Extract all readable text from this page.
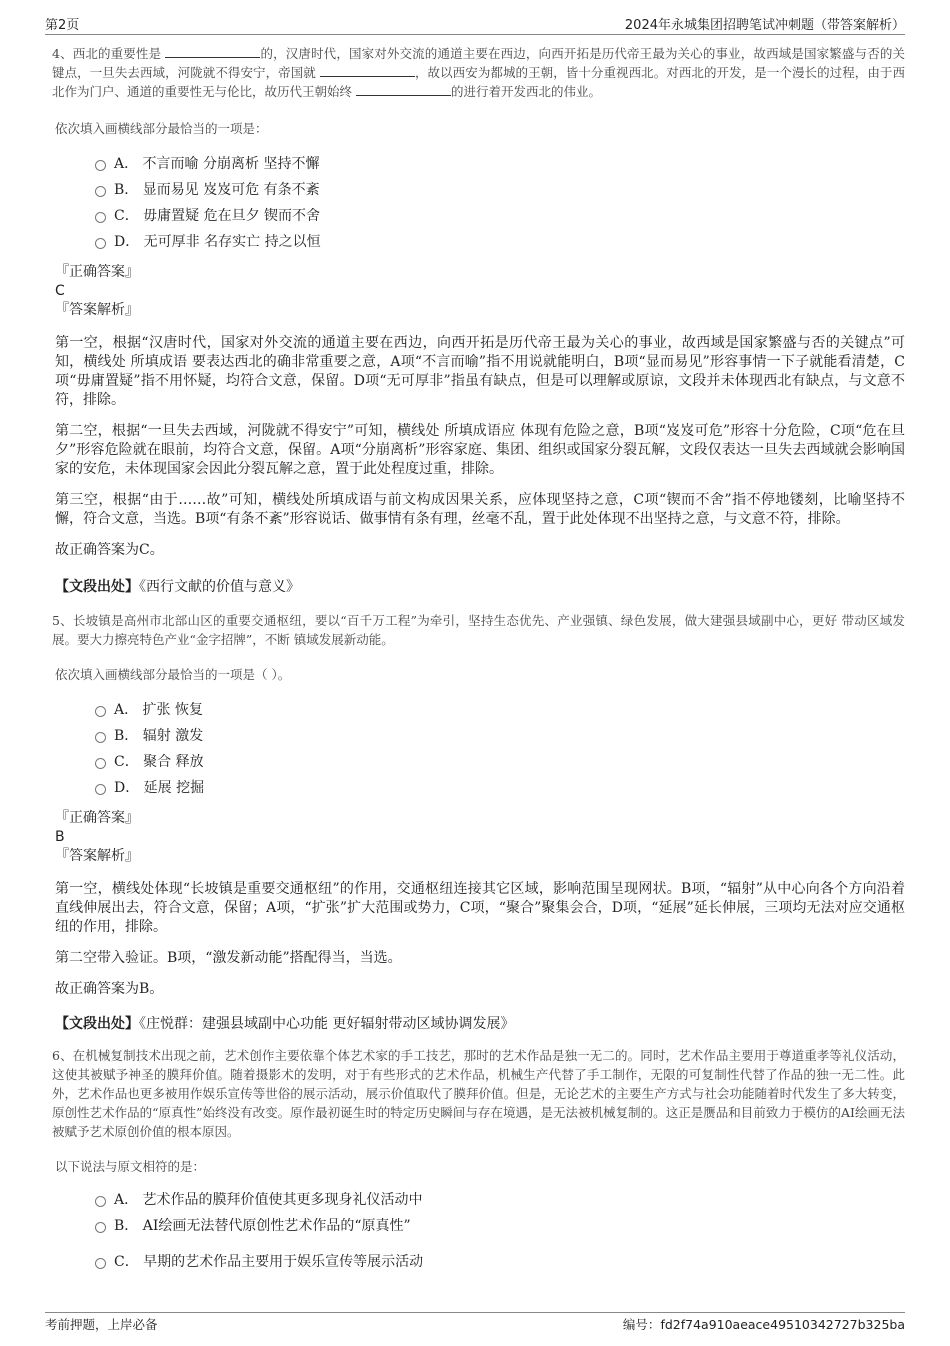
第2页	2024年永城集团招聘笔试冲刺题（带答案解析）

4、西北的重要性是	的，汉唐时代，国家对外交流的通道主要在西边，向西开拓是历代帝王最为关心的事业，故西域是国家繁盛与否的关键点，一旦失去西域，河陇就不得安宁，帝国就	，故以西安为都城的王朝，皆十分重视西北。对西北的开发，是一个漫长的过程，由于西北作为门户、通道的重要性无与伦比，故历代王朝始终	的进行着开发西北的伟业。

依次填入画横线部分最恰当的一项是：

A． 不言而喻 分崩离析 坚持不懈
B． 显而易见 岌岌可危 有条不紊
C． 毋庸置疑 危在旦夕 锲而不舍
D． 无可厚非 名存实亡 持之以恒

『正确答案』

C

『答案解析』

第一空，根据“汉唐时代，国家对外交流的通道主要在西边，向西开拓是历代帝王最为关心的事业，故西域是国家繁盛与否的关键点”可知，横线处 所填成语 要表达西北的确非常重要之意，A项“不言而喻”指不用说就能明白，B项“显而易见”形容事情一下子就能看清楚，C项“毋庸置疑”指不用怀疑，均符合文意，保留。D项“无可厚非”指虽有缺点，但是可以理解或原谅，文段并未体现西北有缺点，与文意不符，排除。

第二空，根据“一旦失去西域，河陇就不得安宁”可知，横线处 所填成语应 体现有危险之意，B项“岌岌可危”形容十分危险，C项“危在旦夕”形容危险就在眼前，均符合文意，保留。A项“分崩离析”形容家庭、集团、组织或国家分裂瓦解，文段仅表达一旦失去西域就会影响国家的安危，未体现国家会因此分裂瓦解之意，置于此处程度过重，排除。

第三空，根据“由于……故”可知，横线处所填成语与前文构成因果关系，应体现坚持之意，C项“锲而不舍”指不停地镂刻，比喻坚持不懈，符合文意，当选。B项“有条不紊”形容说话、做事情有条有理，丝毫不乱，置于此处体现不出坚持之意，与文意不符，排除。

故正确答案为C。

【文段出处】《西行文献的价值与意义》

5、长坡镇是高州市北部山区的重要交通枢纽，要以“百千万工程”为牵引，坚持生态优先、产业强镇、绿色发展，做大建强县域副中心，更好 带动区域发展。要大力擦亮特色产业“金字招牌”，不断 镇域发展新动能。

依次填入画横线部分最恰当的一项是（ ）。

A． 扩张 恢复
B． 辐射 激发
C． 聚合 释放
D． 延展 挖掘

『正确答案』

B

『答案解析』

第一空，横线处体现“长坡镇是重要交通枢纽”的作用，交通枢纽连接其它区域，影响范围呈现网状。B项，“辐射”从中心向各个方向沿着直线伸展出去，符合文意，保留；A项，“扩张”扩大范围或势力，C项，“聚合”聚集会合，D项，“延展”延长伸展，三项均无法对应交通枢纽的作用，排除。

第二空带入验证。B项，“激发新动能”搭配得当，当选。

故正确答案为B。

【文段出处】《庄悦群：建强县域副中心功能 更好辐射带动区域协调发展》

6、在机械复制技术出现之前，艺术创作主要依靠个体艺术家的手工技艺，那时的艺术作品是独一无二的。同时，艺术作品主要用于尊道重孝等礼仪活动，这使其被赋予神圣的膜拜价值。随着摄影术的发明，对于有些形式的艺术作品，机械生产代替了手工制作，无限的可复制性代替了作品的独一无二性。此外，艺术作品也更多被用作娱乐宣传等世俗的展示活动，展示价值取代了膜拜价值。但是，无论艺术的主要生产方式与社会功能随着时代发生了多大转变，原创性艺术作品的“原真性”始终没有改变。原作最初诞生时的特定历史瞬间与存在境遇，是无法被机械复制的。这正是赝品和目前致力于模仿的AI绘画无法被赋予艺术原创价值的根本原因。

以下说法与原文相符的是：

A． 艺术作品的膜拜价值使其更多现身礼仪活动中
B． AI绘画无法替代原创性艺术作品的“原真性”
C． 早期的艺术作品主要用于娱乐宣传等展示活动
考前押题，上岸必备	编号：fd2f74a910aeace49510342727b325ba
